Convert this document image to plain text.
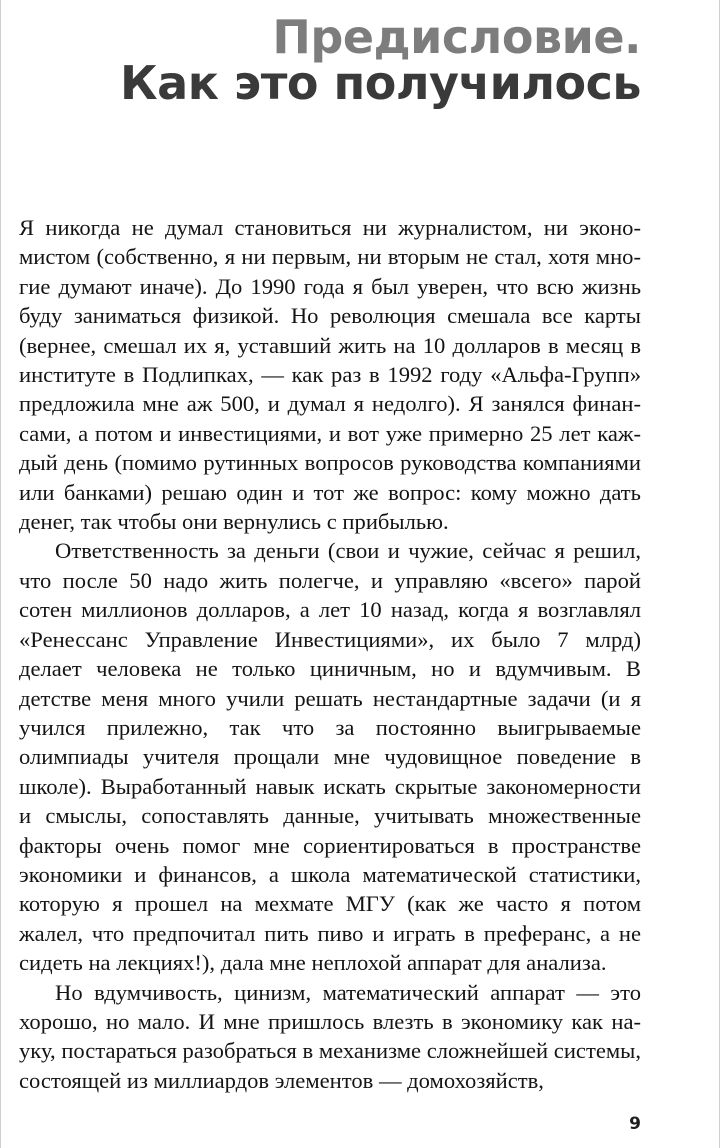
Предисловие.
Как это получилось

Я никогда не думал становиться ни журналистом, ни экономистом (собственно, я ни первым, ни вторым не стал, хотя многие думают иначе). До 1990 года я был уверен, что всю жизнь буду заниматься физикой. Но революция смешала все карты (вернее, смешал их я, уставший жить на 10 долларов в месяц в институте в Подлипках, — как раз в 1992 году «Альфа-Групп» предложила мне аж 500, и думал я недолго). Я занялся финансами, а потом и инвестициями, и вот уже примерно 25 лет каждый день (помимо рутинных вопросов руководства компаниями или банками) решаю один и тот же вопрос: кому можно дать денег, так чтобы они вернулись с прибылью.

Ответственность за деньги (свои и чужие, сейчас я решил, что после 50 надо жить полегче, и управляю «всего» парой сотен миллионов долларов, а лет 10 назад, когда я возглавлял «Ренессанс Управление Инвестициями», их было 7 млрд) делает человека не только циничным, но и вдумчивым. В детстве меня много учили решать нестандартные задачи (и я учился прилежно, так что за постоянно выигрываемые олимпиады учителя прощали мне чудовищное поведение в школе). Выработанный навык искать скрытые закономерности и смыслы, сопоставлять данные, учитывать множественные факторы очень помог мне сориентироваться в пространстве экономики и финансов, а школа математической статистики, которую я прошел на мехмате МГУ (как же часто я потом жалел, что предпочитал пить пиво и играть в преферанс, а не сидеть на лекциях!), дала мне неплохой аппарат для анализа.

Но вдумчивость, цинизм, математический аппарат — это хорошо, но мало. И мне пришлось влезть в экономику как науку, постараться разобраться в механизме сложнейшей системы, состоящей из миллиардов элементов — домохозяйств,

9
